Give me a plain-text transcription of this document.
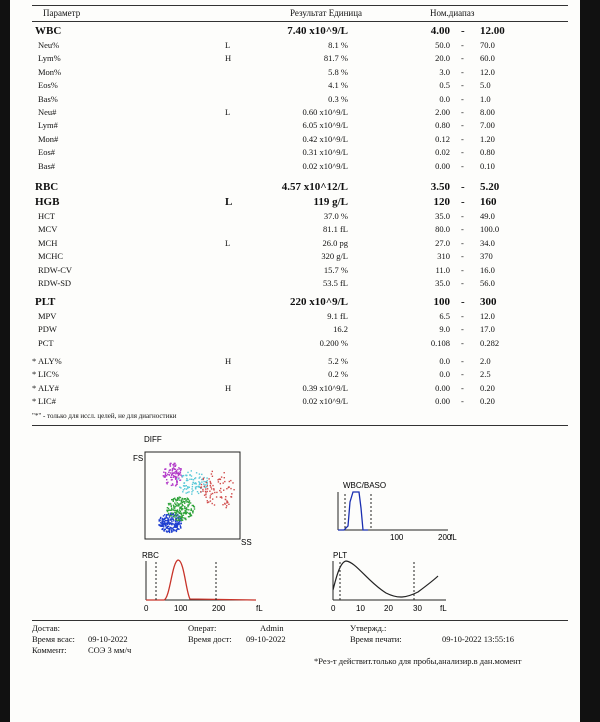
Параметр	Результат Единица	Ном.диапаз
WBC	7.40 x10^9/L	4.00	12.00
-
Neu%	L	8.1 %	50.0	70.0
-
Lym%	H	81.7 %	20.0	60.0
-
Mon%	5.8 %	3.0	12.0
-
Eos%	4.1 %	0.5	5.0
-
Bas%	0.3 %	0.0	1.0
-
Neu#	L	0.60 x10^9/L	2.00	8.00
-
Lym#	6.05 x10^9/L	0.80	7.00
-
Mon#	0.42 x10^9/L	0.12	1.20
-
Eos#	0.31 x10^9/L	0.02	0.80
-
Bas#	0.02 x10^9/L	0.00	0.10
-
RBC	4.57 x10^12/L	3.50	5.20
-
HGB	L	119 g/L	120	160
-
HCT	37.0 %	35.0	49.0
-
MCV	81.1 fL	80.0	100.0
-
MCH	L	26.0 pg	27.0	34.0
-
MCHC	320 g/L	310	370
-
RDW-CV	15.7 %	11.0	16.0
-
RDW-SD	53.5 fL	35.0	56.0
-
PLT	220 x10^9/L	100	300
-
MPV	9.1 fL	6.5	12.0
-
PDW	16.2	9.0	17.0
-
PCT	0.200 %	0.108	0.282
-
* ALY%	H	5.2 %	0.0	2.0
-
* LIC%	0.2 %	0.0	2.5
-
* ALY#	H	0.39 x10^9/L	0.00	0.20
-
* LIC#	0.02 x10^9/L	0.00	0.20
-
"*" - только для иссл. целей, не для диагностики
DIFF
FS
SS
WBC/BASO
100	200
fL
RBC
0	100	200	fL
PLT
0	10 20	30 fL
Достав:	Операт:	Admin	Утвержд.:
Время всас: 09-10-2022	Время дост: 09-10-2022	Время печати:	09-10-2022 13:55:16
Коммент:	СОЭ 3 мм/ч
*Рез-т действит.только для пробы,анализир.в дан.момент
